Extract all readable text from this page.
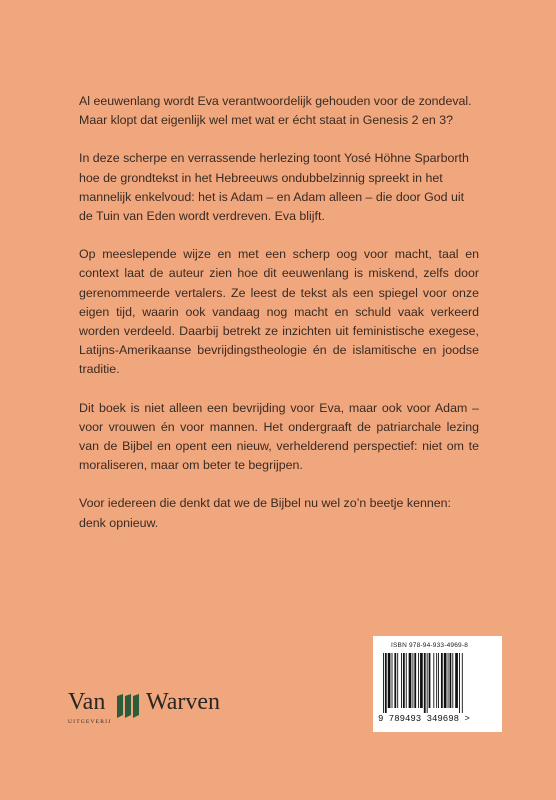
Al eeuwenlang wordt Eva verantwoordelijk gehouden voor de zondeval. Maar klopt dat eigenlijk wel met wat er écht staat in Genesis 2 en 3?

In deze scherpe en verrassende herlezing toont Yosé Höhne Sparborth hoe de grondtekst in het Hebreeuws ondubbelzinnig spreekt in het mannelijk enkelvoud: het is Adam – en Adam alleen – die door God uit de Tuin van Eden wordt verdreven. Eva blijft.

Op meeslepende wijze en met een scherp oog voor macht, taal en context laat de auteur zien hoe dit eeuwenlang is miskend, zelfs door gerenommeerde vertalers. Ze leest de tekst als een spiegel voor onze eigen tijd, waarin ook vandaag nog macht en schuld vaak verkeerd worden verdeeld. Daarbij betrekt ze inzichten uit feministische exegese, Latijns-Amerikaanse bevrijdingstheologie én de islamitische en joodse traditie.

Dit boek is niet alleen een bevrijding voor Eva, maar ook voor Adam – voor vrouwen én voor mannen. Het ondergraaft de patriarchale lezing van de Bijbel en opent een nieuw, verhelderend perspectief: niet om te moraliseren, maar om beter te begrijpen.

Voor iedereen die denkt dat we de Bijbel nu wel zo’n beetje kennen: denk opnieuw.

Van
UITGEVERIJ
Warven
ISBN 978-94-933-4969-8
9 789493 349698 >
